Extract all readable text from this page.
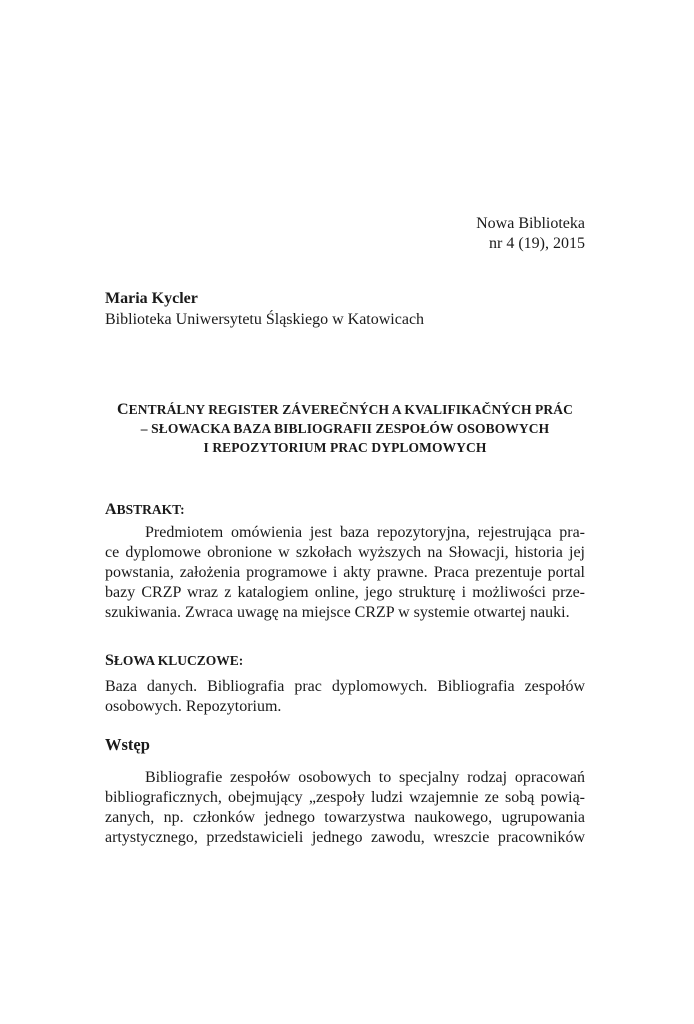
Nowa Biblioteka
nr 4 (19), 2015
Maria Kycler
Biblioteka Uniwersytetu Śląskiego w Katowicach
CENTRÁLNY REGISTER ZÁVEREČNÝCH A KVALIFIKAČNÝCH PRÁC
– SŁOWACKA BAZA BIBLIOGRAFII ZESPOŁÓW OSOBOWYCH
I REPOZYTORIUM PRAC DYPLOMOWYCH
ABSTRAKT:
Predmiotem omówienia jest baza repozytoryjna, rejestrująca pra-
ce dyplomowe obronione w szkołach wyższych na Słowacji, historia jej
powstania, założenia programowe i akty prawne. Praca prezentuje portal
bazy CRZP wraz z katalogiem online, jego strukturę i możliwości prze-
szukiwania. Zwraca uwagę na miejsce CRZP w systemie otwartej nauki.
SŁOWA KLUCZOWE:
Baza danych. Bibliografia prac dyplomowych. Bibliografia zespołów
osobowych. Repozytorium.
Wstęp
Bibliografie zespołów osobowych to specjalny rodzaj opracowań
bibliograficznych, obejmujący „zespoły ludzi wzajemnie ze sobą powią-
zanych, np. członków jednego towarzystwa naukowego, ugrupowania
artystycznego, przedstawicieli jednego zawodu, wreszcie pracowników
